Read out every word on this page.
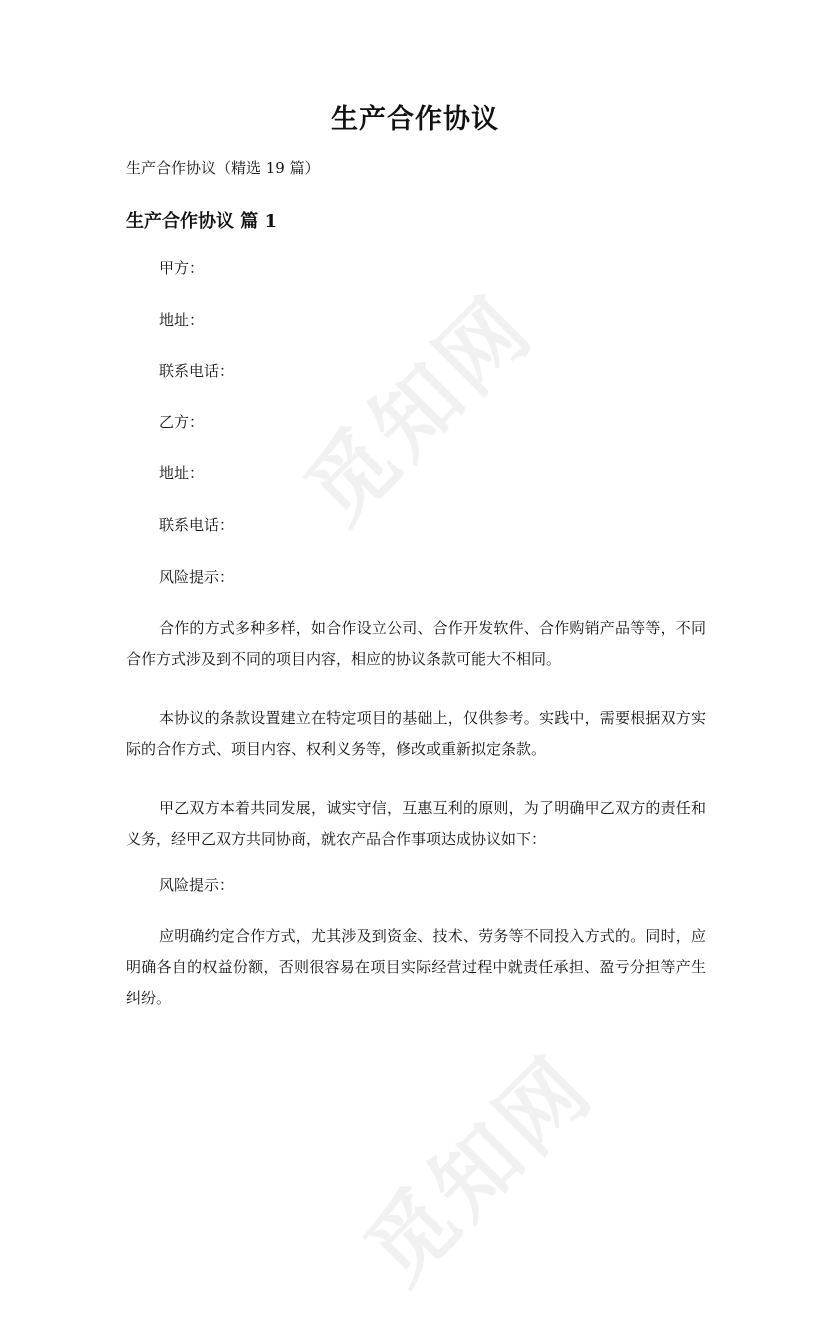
觅知网
觅知网
生产合作协议
生产合作协议（精选 19 篇）
生产合作协议 篇 1
甲方：
地址：
联系电话：
乙方：
地址：
联系电话：
风险提示：

合作的方式多种多样，如合作设立公司、合作开发软件、合作购销产品等等，不同合作方式涉及到不同的项目内容，相应的协议条款可能大不相同。

本协议的条款设置建立在特定项目的基础上，仅供参考。实践中，需要根据双方实际的合作方式、项目内容、权利义务等，修改或重新拟定条款。

甲乙双方本着共同发展，诚实守信，互惠互利的原则，为了明确甲乙双方的责任和义务，经甲乙双方共同协商，就农产品合作事项达成协议如下：

风险提示：

应明确约定合作方式，尤其涉及到资金、技术、劳务等不同投入方式的。同时，应明确各自的权益份额，否则很容易在项目实际经营过程中就责任承担、盈亏分担等产生纠纷。
